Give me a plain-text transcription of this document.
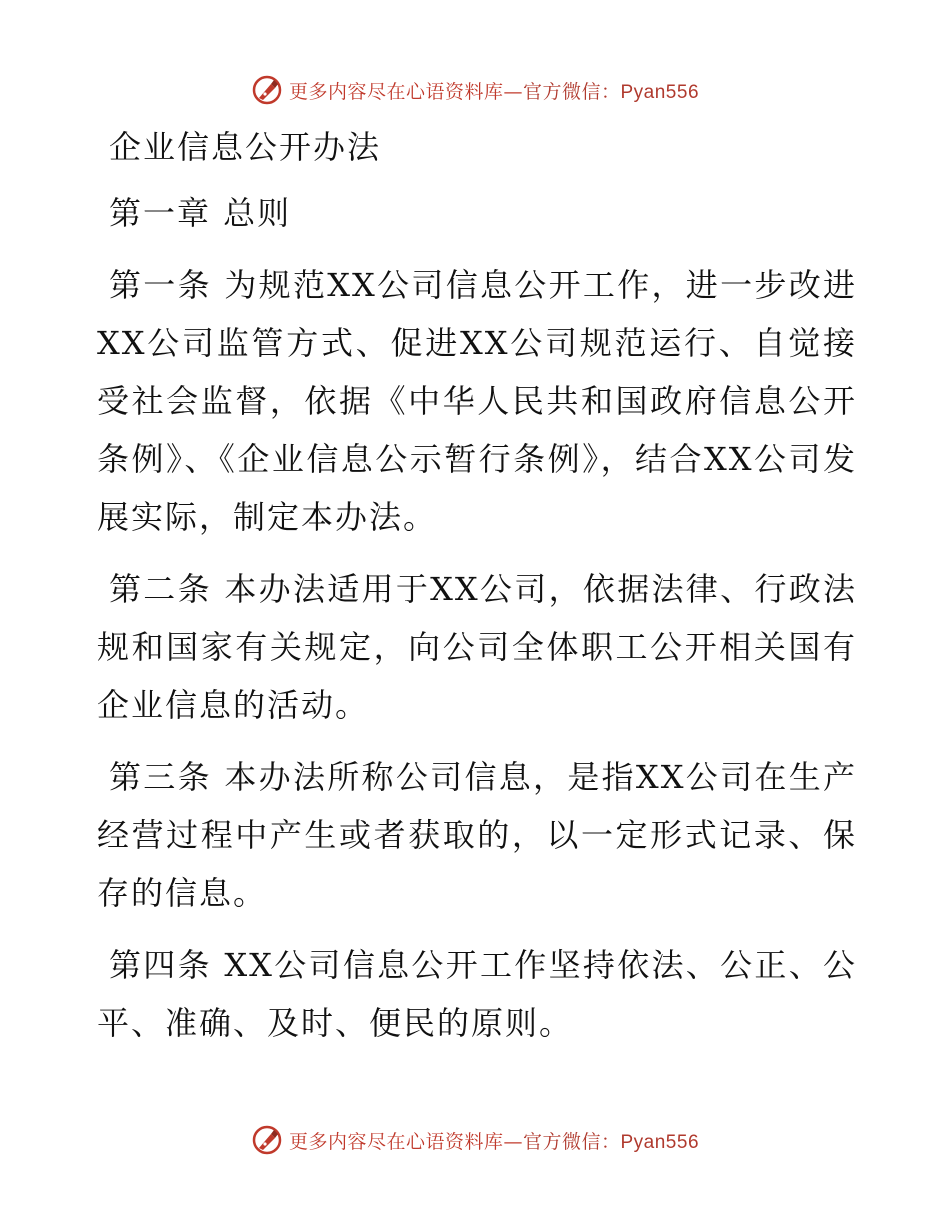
更多内容尽在心语资料库—官方微信：Pyan556
企业信息公开办法
第一章 总则

第一条 为规范XX公司信息公开工作，进一步改进XX公司监管方式、促进XX公司规范运行、自觉接受社会监督，依据《中华人民共和国政府信息公开条例》、《企业信息公示暂行条例》，结合XX公司发展实际，制定本办法。

第二条 本办法适用于XX公司，依据法律、行政法规和国家有关规定，向公司全体职工公开相关国有企业信息的活动。

第三条 本办法所称公司信息，是指XX公司在生产经营过程中产生或者获取的，以一定形式记录、保存的信息。

第四条 XX公司信息公开工作坚持依法、公正、公平、准确、及时、便民的原则。

更多内容尽在心语资料库—官方微信：Pyan556
